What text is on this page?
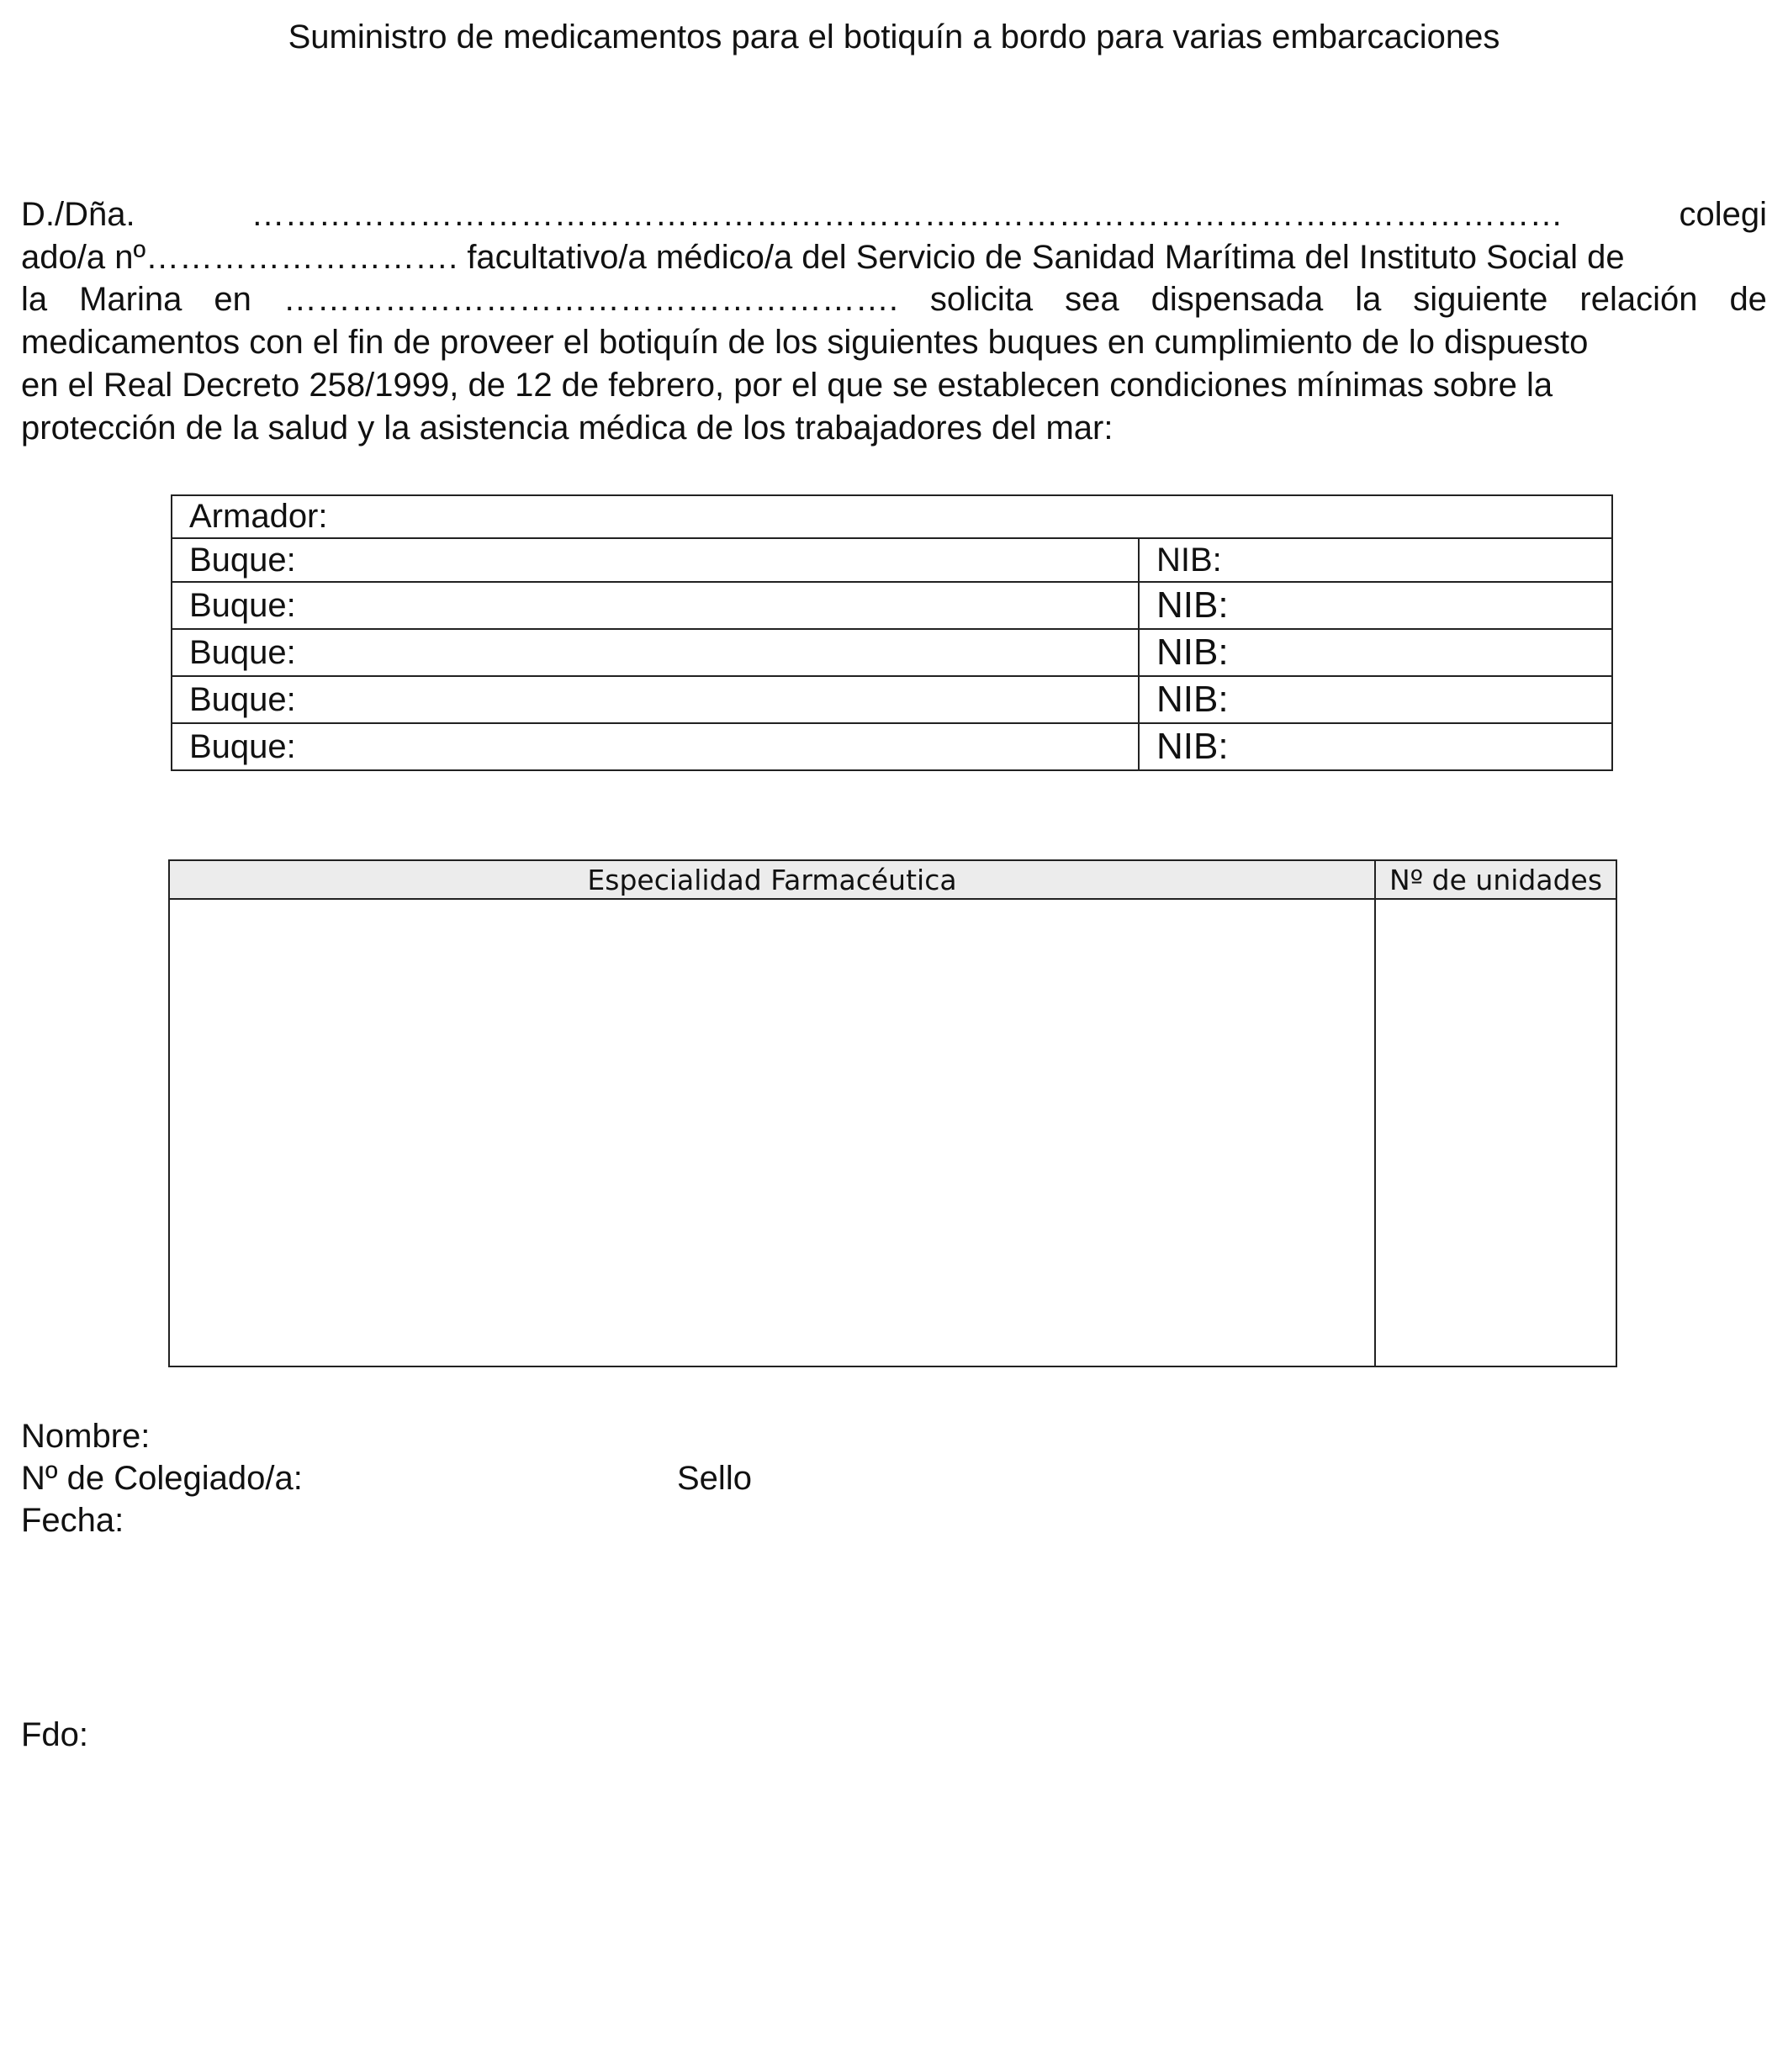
Suministro de medicamentos para el botiquín a bordo para varias embarcaciones
D./Dña.	………………………………………………………………………………………………………	colegi
ado/a nº………………………. facultativo/a médico/a del Servicio de Sanidad Marítima del Instituto Social de
la Marina en ………………………………………………. solicita sea dispensada la siguiente relación de
medicamentos con el fin de proveer el botiquín de los siguientes buques en cumplimiento de lo dispuesto
en el Real Decreto 258/1999, de 12 de febrero, por el que se establecen condiciones mínimas sobre la
protección de la salud y la asistencia médica de los trabajadores del mar:
Armador:	
Buque:	NIB:
Buque:	NIB:
Buque:	NIB:
Buque:	NIB:
Buque:	NIB:
Especialidad Farmacéutica	Nº de unidades

Nombre:
Nº de Colegiado/a:
Fecha:
Sello
Fdo:
